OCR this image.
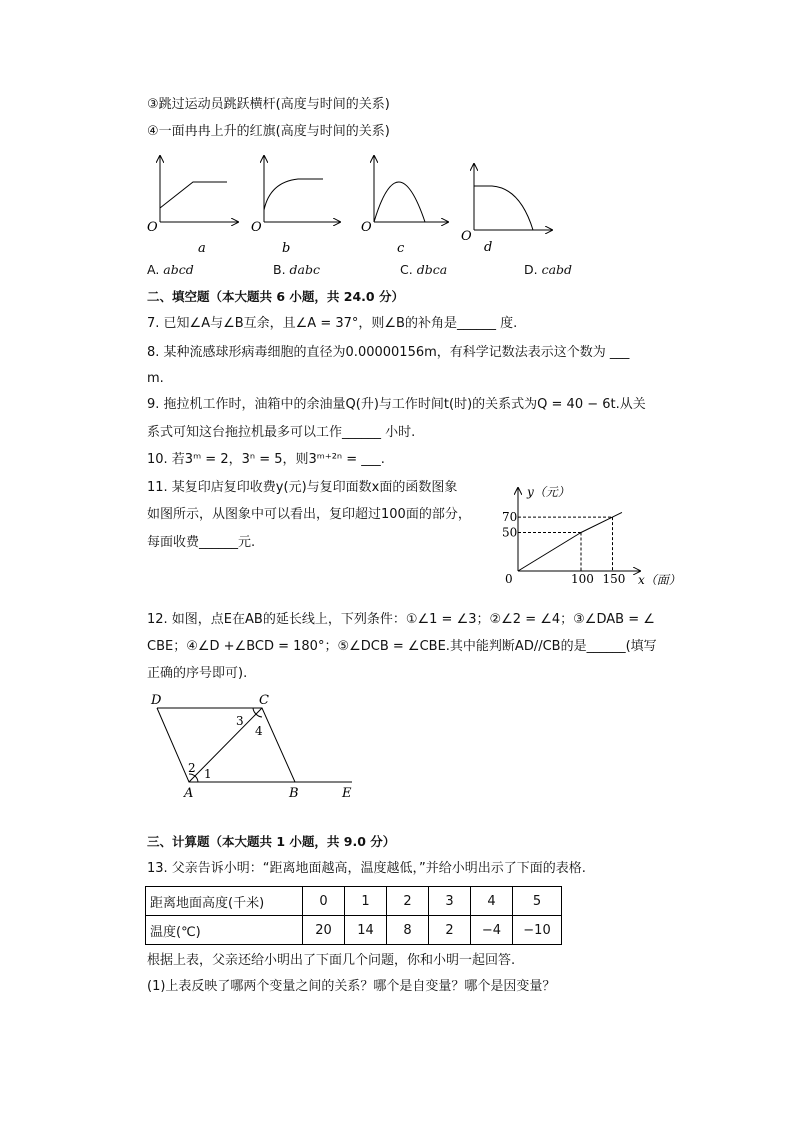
③跳过运动员跳跃横杆(高度与时间的关系)
④一面冉冉上升的红旗(高度与时间的关系)
O
a
O
b
O
c
O
d
A. abcd	B. dabc	C. dbca	D. cabd
二、填空题（本大题共 6 小题，共 24.0 分）
7. 已知∠A与∠B互余，且∠A = 37°，则∠B的补角是______ 度.
8. 某种流感球形病毒细胞的直径为0.00000156m，有科学记数法表示这个数为 ___
m.
9. 拖拉机工作时，油箱中的余油量Q(升)与工作时间t(时)的关系式为Q = 40 − 6t.从关
系式可知这台拖拉机最多可以工作______ 小时.
10. 若3ᵐ = 2，3ⁿ = 5，则3ᵐ⁺²ⁿ = ___.
11. 某复印店复印收费y(元)与复印面数x面的函数图象
如图所示，从图象中可以看出，复印超过100面的部分，
每面收费______元.
100 150
50
70
y（元）
x（面）
0
12. 如图，点E在AB的延长线上，下列条件：①∠1 = ∠3；②∠2 = ∠4；③∠DAB = ∠
CBE；④∠D +∠BCD = 180°；⑤∠DCB = ∠CBE.其中能判断AD//CB的是______(填写
正确的序号即可).
D	C
A	B	E
1
2
3
4
三、计算题（本大题共 1 小题，共 9.0 分）
13. 父亲告诉小明：“距离地面越高，温度越低，”并给小明出示了下面的表格.
距离地面高度(千米)	0	1	2	3	4	5
温度(℃)	20	14	8	2	−4	−10
根据上表，父亲还给小明出了下面几个问题，你和小明一起回答.
(1)上表反映了哪两个变量之间的关系？哪个是自变量？哪个是因变量？
